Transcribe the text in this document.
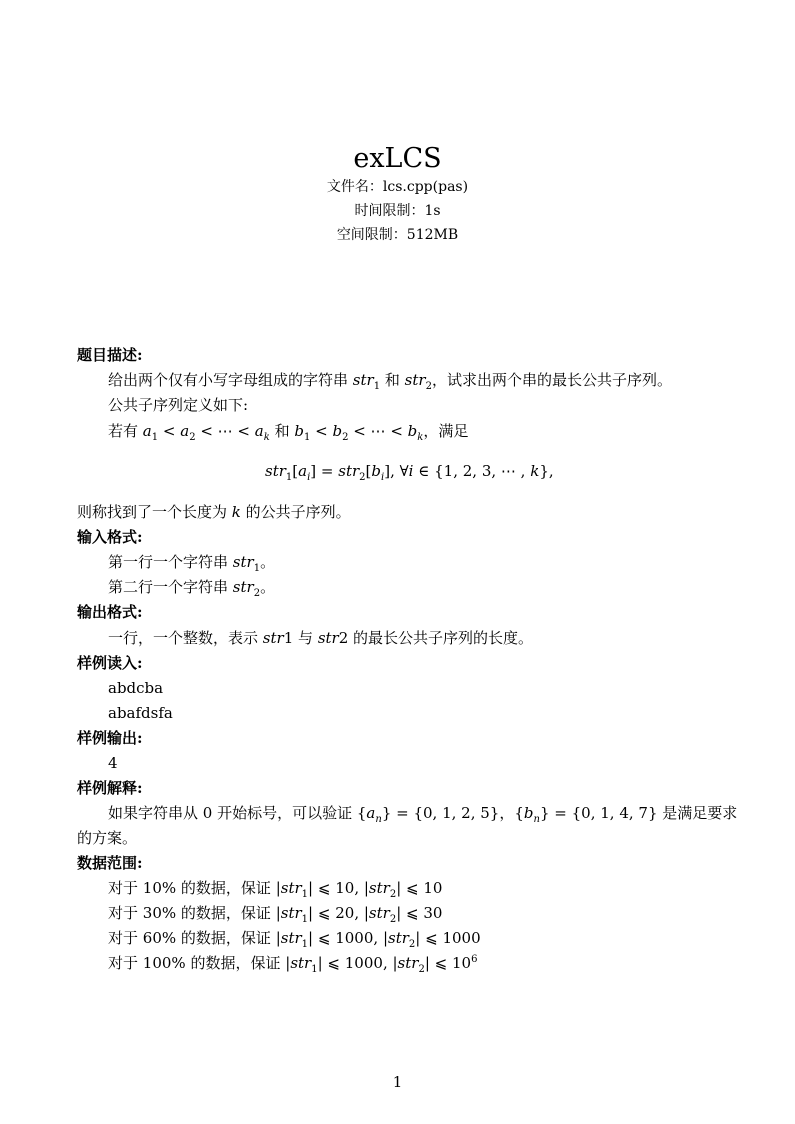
exLCS
文件名：lcs.cpp(pas)
时间限制：1s
空间限制：512MB
题目描述:
给出两个仅有小写字母组成的字符串 str$_1$ 和 str$_2$，试求出两个串的最长公共子序列。
公共子序列定义如下:
若有 $a_1 < a_2$ < ⋯ < $a_k$ 和 $b_1 < b_2$ < ⋯ < $b_k$，满足
$str_1[a_i] = str_2[b_i]$, ∀i ∈ {1, 2, 3, ⋯ , k},
则称找到了一个长度为 k 的公共子序列。
输入格式:
第一行一个字符串 str$_1$。
第二行一个字符串 str$_2$。
输出格式:
一行，一个整数，表示 str1 与 str2 的最长公共子序列的长度。
样例读入:
abdcba
abafdsfa
样例输出:
4
样例解释:
如果字符串从 0 开始标号，可以验证 $\{a_n\} = \{0$, 1, 2, 5}，$\{b_n\} = \{0$, 1, 4, 7} 是满足要求
的方案。
数据范围:
对于 10% 的数据，保证 |str$_1$| ⩽ 10, |str$_2$| ⩽ 10
对于 30% 的数据，保证 |str$_1$| ⩽ 20, |str$_2$| ⩽ 30
对于 60% 的数据，保证 |str$_1$| ⩽ 1000, |str$_2$| ⩽ 1000
对于 100% 的数据，保证 |str$_1$| ⩽ 1000, |str$_2$| ⩽ $10^6$
1
